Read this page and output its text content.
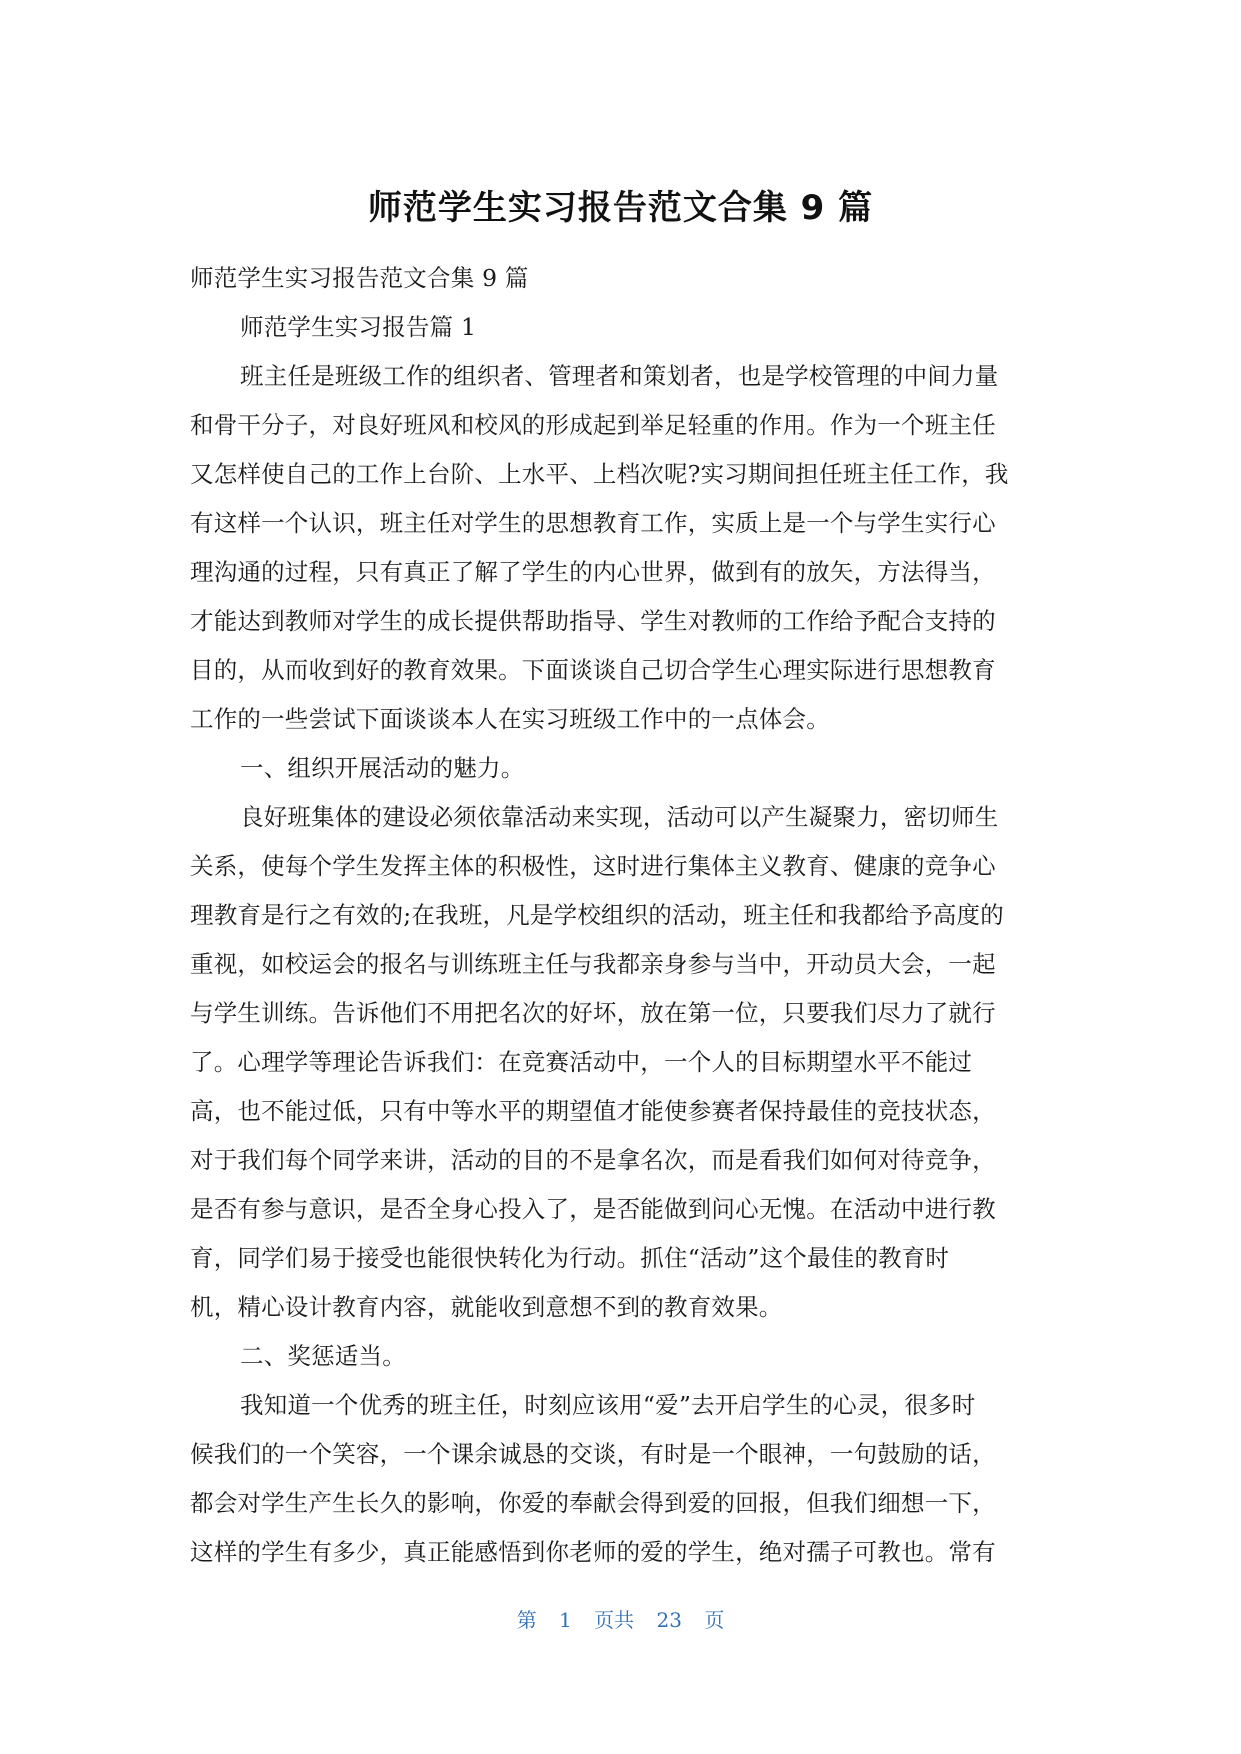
师范学生实习报告范文合集 9 篇
师范学生实习报告范文合集 9 篇
师范学生实习报告篇 1
班主任是班级工作的组织者、管理者和策划者，也是学校管理的中间力量
和骨干分子，对良好班风和校风的形成起到举足轻重的作用。作为一个班主任
又怎样使自己的工作上台阶、上水平、上档次呢?实习期间担任班主任工作，我
有这样一个认识，班主任对学生的思想教育工作，实质上是一个与学生实行心
理沟通的过程，只有真正了解了学生的内心世界，做到有的放矢，方法得当，
才能达到教师对学生的成长提供帮助指导、学生对教师的工作给予配合支持的
目的，从而收到好的教育效果。下面谈谈自己切合学生心理实际进行思想教育
工作的一些尝试下面谈谈本人在实习班级工作中的一点体会。
一、组织开展活动的魅力。
良好班集体的建设必须依靠活动来实现，活动可以产生凝聚力，密切师生
关系，使每个学生发挥主体的积极性，这时进行集体主义教育、健康的竞争心
理教育是行之有效的;在我班，凡是学校组织的活动，班主任和我都给予高度的
重视，如校运会的报名与训练班主任与我都亲身参与当中，开动员大会，一起
与学生训练。告诉他们不用把名次的好坏，放在第一位，只要我们尽力了就行
了。心理学等理论告诉我们：在竞赛活动中，一个人的目标期望水平不能过
高，也不能过低，只有中等水平的期望值才能使参赛者保持最佳的竞技状态，
对于我们每个同学来讲，活动的目的不是拿名次，而是看我们如何对待竞争，
是否有参与意识，是否全身心投入了，是否能做到问心无愧。在活动中进行教
育，同学们易于接受也能很快转化为行动。抓住“活动”这个最佳的教育时
机，精心设计教育内容，就能收到意想不到的教育效果。
二、奖惩适当。
我知道一个优秀的班主任，时刻应该用“爱”去开启学生的心灵，很多时
候我们的一个笑容，一个课余诚恳的交谈，有时是一个眼神，一句鼓励的话，
都会对学生产生长久的影响，你爱的奉献会得到爱的回报，但我们细想一下，
这样的学生有多少，真正能感悟到你老师的爱的学生，绝对孺子可教也。常有
第 1 页共 23 页
